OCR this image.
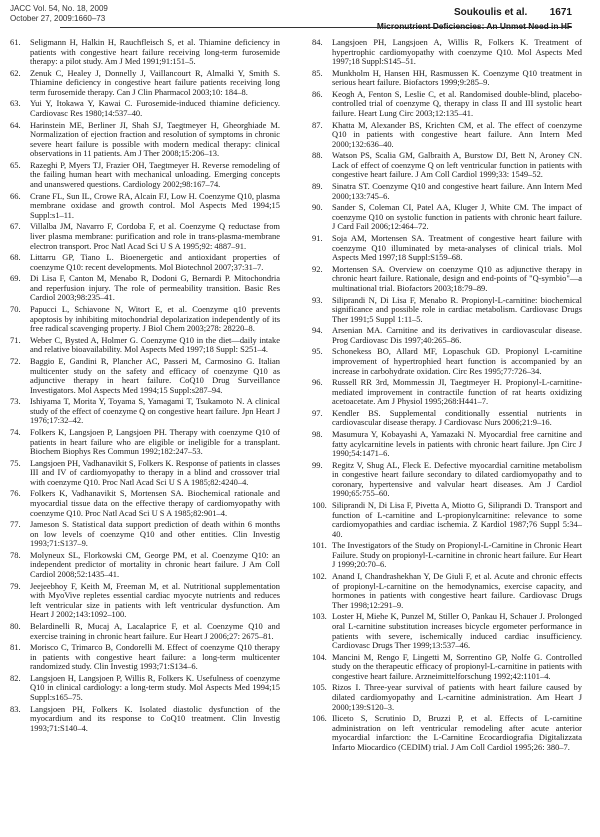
JACC Vol. 54, No. 18, 2009
October 27, 2009:1660–73
Soukoulis et al. 1671
Micronutrient Deficiencies: An Unmet Need in HF
61. Seligmann H, Halkin H, Rauchfleisch S, et al. Thiamine deficiency in patients with congestive heart failure receiving long-term furosemide therapy: a pilot study. Am J Med 1991;91:151–5.
62. Zenuk C, Healey J, Donnelly J, Vaillancourt R, Almalki Y, Smith S. Thiamine deficiency in congestive heart failure patients receiving long term furosemide therapy. Can J Clin Pharmacol 2003;10: 184–8.
63. Yui Y, Itokawa Y, Kawai C. Furosemide-induced thiamine deficiency. Cardiovasc Res 1980;14:537–40.
64. Harinstein ME, Berliner JI, Shah SJ, Taegtmeyer H, Gheorghiade M. Normalization of ejection fraction and resolution of symptoms in chronic severe heart failure is possible with modern medical therapy: clinical observations in 11 patients. Am J Ther 2008;15:206–13.
65. Razeghi P, Myers TJ, Frazier OH, Taegtmeyer H. Reverse remodeling of the failing human heart with mechanical unloading. Emerging concepts and unanswered questions. Cardiology 2002;98:167–74.
66. Crane FL, Sun IL, Crowe RA, Alcain FJ, Low H. Coenzyme Q10, plasma membrane oxidase and growth control. Mol Aspects Med 1994;15 Suppl:s1–11.
67. Villalba JM, Navarro F, Cordoba F, et al. Coenzyme Q reductase from liver plasma membrane: purification and role in trans-plasma-membrane electron transport. Proc Natl Acad Sci U S A 1995;92: 4887–91.
68. Littarru GP, Tiano L. Bioenergetic and antioxidant properties of coenzyme Q10: recent developments. Mol Biotechnol 2007;37:31–7.
69. Di Lisa F, Canton M, Menabo R, Dodoni G, Bernardi P. Mitochondria and reperfusion injury. The role of permeability transition. Basic Res Cardiol 2003;98:235–41.
70. Papucci L, Schiavone N, Witort E, et al. Coenzyme q10 prevents apoptosis by inhibiting mitochondrial depolarization independently of its free radical scavenging property. J Biol Chem 2003;278: 28220–8.
71. Weber C, Bysted A, Holmer G. Coenzyme Q10 in the diet—daily intake and relative bioavailability. Mol Aspects Med 1997;18 Suppl: S251–4.
72. Baggio E, Gandini R, Plancher AC, Passeri M, Carmosino G. Italian multicenter study on the safety and efficacy of coenzyme Q10 as adjunctive therapy in heart failure. CoQ10 Drug Surveillance Investigators. Mol Aspects Med 1994;15 Suppl:s287–94.
73. Ishiyama T, Morita Y, Toyama S, Yamagami T, Tsukamoto N. A clinical study of the effect of coenzyme Q on congestive heart failure. Jpn Heart J 1976;17:32–42.
74. Folkers K, Langsjoen P, Langsjoen PH. Therapy with coenzyme Q10 of patients in heart failure who are eligible or ineligible for a transplant. Biochem Biophys Res Commun 1992;182:247–53.
75. Langsjoen PH, Vadhanavikit S, Folkers K. Response of patients in classes III and IV of cardiomyopathy to therapy in a blind and crossover trial with coenzyme Q10. Proc Natl Acad Sci U S A 1985;82:4240–4.
76. Folkers K, Vadhanavikit S, Mortensen SA. Biochemical rationale and myocardial tissue data on the effective therapy of cardiomyopathy with coenzyme Q10. Proc Natl Acad Sci U S A 1985;82:901–4.
77. Jameson S. Statistical data support prediction of death within 6 months on low levels of coenzyme Q10 and other entities. Clin Investig 1993;71:S137–9.
78. Molyneux SL, Florkowski CM, George PM, et al. Coenzyme Q10: an independent predictor of mortality in chronic heart failure. J Am Coll Cardiol 2008;52:1435–41.
79. Jeejeebhoy F, Keith M, Freeman M, et al. Nutritional supplementation with MyoVive repletes essential cardiac myocyte nutrients and reduces left ventricular size in patients with left ventricular dysfunction. Am Heart J 2002;143:1092–100.
80. Belardinelli R, Mucaj A, Lacalaprice F, et al. Coenzyme Q10 and exercise training in chronic heart failure. Eur Heart J 2006;27: 2675–81.
81. Morisco C, Trimarco B, Condorelli M. Effect of coenzyme Q10 therapy in patients with congestive heart failure: a long-term multicenter randomized study. Clin Investig 1993;71:S134–6.
82. Langsjoen H, Langsjoen P, Willis R, Folkers K. Usefulness of coenzyme Q10 in clinical cardiology: a long-term study. Mol Aspects Med 1994;15 Suppl:s165–75.
83. Langsjoen PH, Folkers K. Isolated diastolic dysfunction of the myocardium and its response to CoQ10 treatment. Clin Investig 1993;71:S140–4.
84. Langsjoen PH, Langsjoen A, Willis R, Folkers K. Treatment of hypertrophic cardiomyopathy with coenzyme Q10. Mol Aspects Med 1997;18 Suppl:S145–51.
85. Munkholm H, Hansen HH, Rasmussen K. Coenzyme Q10 treatment in serious heart failure. Biofactors 1999;9:285–9.
86. Keogh A, Fenton S, Leslie C, et al. Randomised double-blind, placebo-controlled trial of coenzyme Q, therapy in class II and III systolic heart failure. Heart Lung Circ 2003;12:135–41.
87. Khatta M, Alexander BS, Krichten CM, et al. The effect of coenzyme Q10 in patients with congestive heart failure. Ann Intern Med 2000;132:636–40.
88. Watson PS, Scalia GM, Galbraith A, Burstow DJ, Bett N, Aroney CN. Lack of effect of coenzyme Q on left ventricular function in patients with congestive heart failure. J Am Coll Cardiol 1999;33: 1549–52.
89. Sinatra ST. Coenzyme Q10 and congestive heart failure. Ann Intern Med 2000;133:745–6.
90. Sander S, Coleman CI, Patel AA, Kluger J, White CM. The impact of coenzyme Q10 on systolic function in patients with chronic heart failure. J Card Fail 2006;12:464–72.
91. Soja AM, Mortensen SA. Treatment of congestive heart failure with coenzyme Q10 illuminated by meta-analyses of clinical trials. Mol Aspects Med 1997;18 Suppl:S159–68.
92. Mortensen SA. Overview on coenzyme Q10 as adjunctive therapy in chronic heart failure. Rationale, design and end-points of "Q-symbio"—a multinational trial. Biofactors 2003;18:79–89.
93. Siliprandi N, Di Lisa F, Menabo R. Propionyl-L-carnitine: biochemical significance and possible role in cardiac metabolism. Cardiovasc Drugs Ther 1991;5 Suppl 1:11–5.
94. Arsenian MA. Carnitine and its derivatives in cardiovascular disease. Prog Cardiovasc Dis 1997;40:265–86.
95. Schonekess BO, Allard MF, Lopaschuk GD. Propionyl L-carnitine improvement of hypertrophied heart function is accompanied by an increase in carbohydrate oxidation. Circ Res 1995;77:726–34.
96. Russell RR 3rd, Mommessin JI, Taegtmeyer H. Propionyl-L-carnitine-mediated improvement in contractile function of rat hearts oxidizing acetoacetate. Am J Physiol 1995;268:H441–7.
97. Kendler BS. Supplemental conditionally essential nutrients in cardiovascular disease therapy. J Cardiovasc Nurs 2006;21:9–16.
98. Masumura Y, Kobayashi A, Yamazaki N. Myocardial free carnitine and fatty acylcarnitine levels in patients with chronic heart failure. Jpn Circ J 1990;54:1471–6.
99. Regitz V, Shug AL, Fleck E. Defective myocardial carnitine metabolism in congestive heart failure secondary to dilated cardiomyopathy and to coronary, hypertensive and valvular heart diseases. Am J Cardiol 1990;65:755–60.
100. Siliprandi N, Di Lisa F, Pivetta A, Miotto G, Siliprandi D. Transport and function of L-carnitine and L-propionylcarnitine: relevance to some cardiomyopathies and cardiac ischemia. Z Kardiol 1987;76 Suppl 5:34–40.
101. The Investigators of the Study on Propionyl-L-Carnitine in Chronic Heart Failure. Study on propionyl-L-carnitine in chronic heart failure. Eur Heart J 1999;20:70–6.
102. Anand I, Chandrashekhan Y, De Giuli F, et al. Acute and chronic effects of propionyl-L-carnitine on the hemodynamics, exercise capacity, and hormones in patients with congestive heart failure. Cardiovasc Drugs Ther 1998;12:291–9.
103. Loster H, Miehe K, Punzel M, Stiller O, Pankau H, Schauer J. Prolonged oral L-carnitine substitution increases bicycle ergometer performance in patients with severe, ischemically induced cardiac insufficiency. Cardiovasc Drugs Ther 1999;13:537–46.
104. Mancini M, Rengo F, Lingetti M, Sorrentino GP, Nolfe G. Controlled study on the therapeutic efficacy of propionyl-L-carnitine in patients with congestive heart failure. Arzneimittelforschung 1992;42:1101–4.
105. Rizos I. Three-year survival of patients with heart failure caused by dilated cardiomyopathy and L-carnitine administration. Am Heart J 2000;139:S120–3.
106. Iliceto S, Scrutinio D, Bruzzi P, et al. Effects of L-carnitine administration on left ventricular remodeling after acute anterior myocardial infarction: the L-Carnitine Ecocardiografia Digitalizzata Infarto Miocardico (CEDIM) trial. J Am Coll Cardiol 1995;26: 380–7.
